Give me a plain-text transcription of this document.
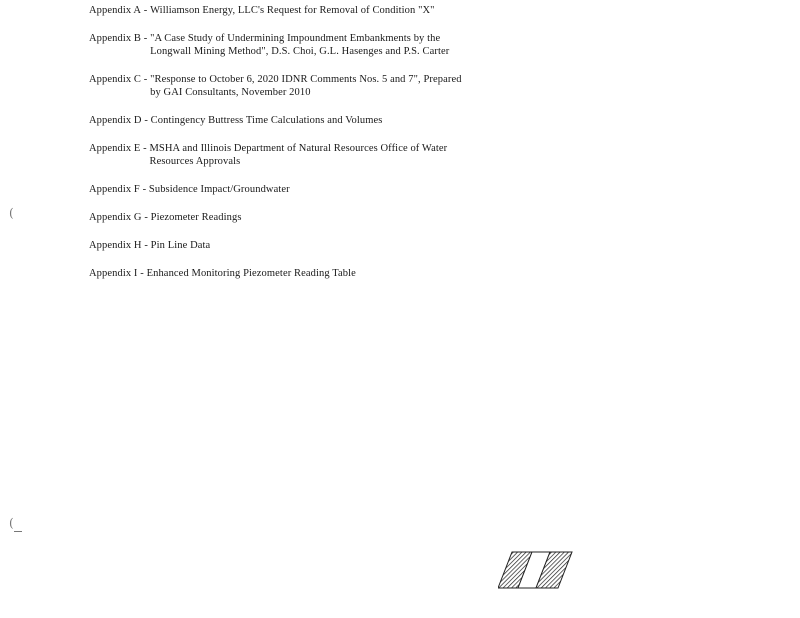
Appendix A - Williamson Energy, LLC's Request for Removal of Condition "X"
Appendix B - "A Case Study of Undermining Impoundment Embankments by the Longwall Mining Method", D.S. Choi, G.L. Hasenges and P.S. Carter
Appendix C - "Response to October 6, 2020 IDNR Comments Nos. 5 and 7", Prepared by GAI Consultants, November 2010
Appendix D - Contingency Buttress Time Calculations and Volumes
Appendix E - MSHA and Illinois Department of Natural Resources Office of Water Resources Approvals
Appendix F - Subsidence Impact/Groundwater
Appendix G - Piezometer Readings
Appendix H - Pin Line Data
Appendix I - Enhanced Monitoring Piezometer Reading Table
(
(
